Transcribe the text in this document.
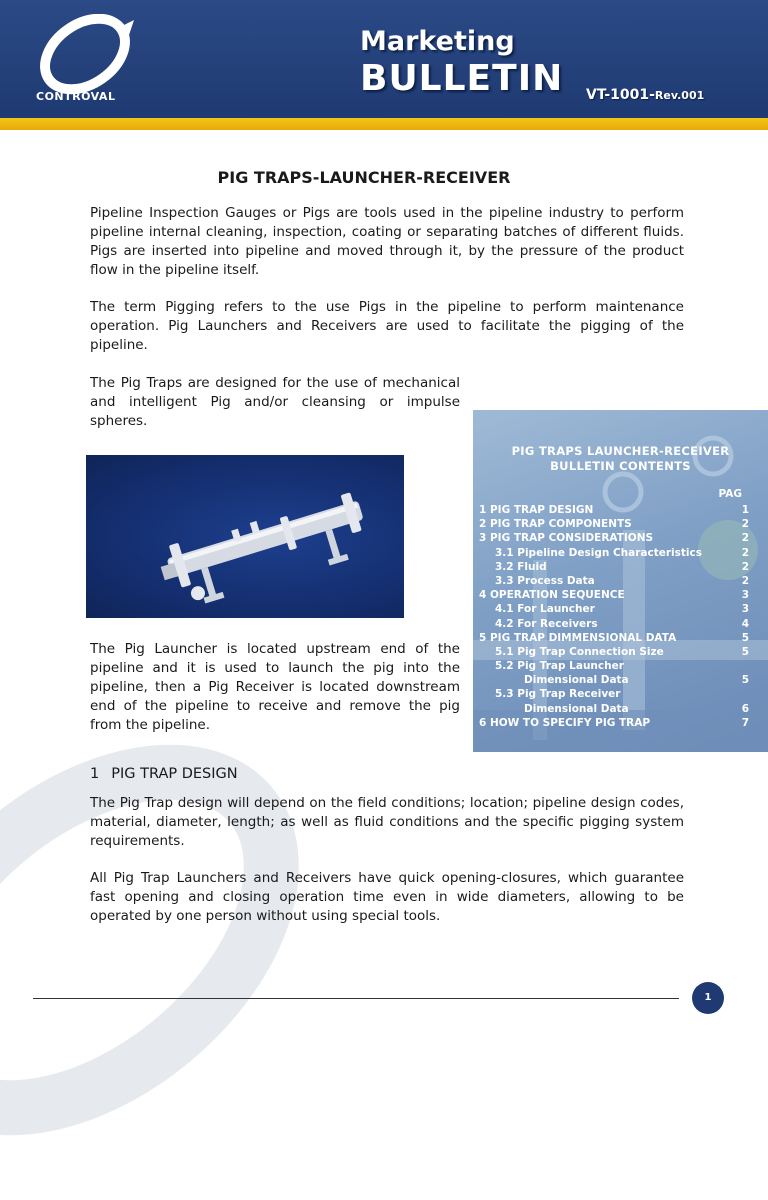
CONTROVAL
Marketing
BULLETIN VT-1001-Rev.001
PIG TRAPS-LAUNCHER-RECEIVER

Pipeline Inspection Gauges or Pigs are tools used in the pipeline industry to perform pipeline internal cleaning, inspection, coating or separating batches of different fluids. Pigs are inserted into pipeline and moved through it, by the pressure of the product flow in the pipeline itself.

The term Pigging refers to the use Pigs in the pipeline to perform maintenance operation. Pig Launchers and Receivers are used to facilitate the pigging of the pipeline.

The Pig Traps are designed for the use of mechanical and intelligent Pig and/or cleansing or impulse spheres.

PIG TRAPS LAUNCHER-RECEIVER
BULLETIN CONTENTS
PAG
1 PIG TRAP DESIGN	1
2 PIG TRAP COMPONENTS	2
3 PIG TRAP CONSIDERATIONS	2
3.1 Pipeline Design Characteristics	2
3.2 Fluid	2
3.3 Process Data	2
4 OPERATION SEQUENCE	3
4.1 For Launcher	3
4.2 For Receivers	4
5 PIG TRAP DIMMENSIONAL DATA	5
5.1 Pig Trap Connection Size	5
5.2 Pig Trap Launcher
Dimensional Data	5
5.3 Pig Trap Receiver
Dimensional Data	6
6 HOW TO SPECIFY PIG TRAP	7

The Pig Launcher is located upstream end of the pipeline and it is used to launch the pig into the pipeline, then a Pig Receiver is located downstream end of the pipeline to receive and remove the pig from the pipeline.

1 PIG TRAP DESIGN

The Pig Trap design will depend on the field conditions; location; pipeline design codes, material, diameter, length; as well as fluid conditions and the specific pigging system requirements.

All Pig Trap Launchers and Receivers have quick opening-closures, which guarantee fast opening and closing operation time even in wide diameters, allowing to be operated by one person without using special tools.

1
